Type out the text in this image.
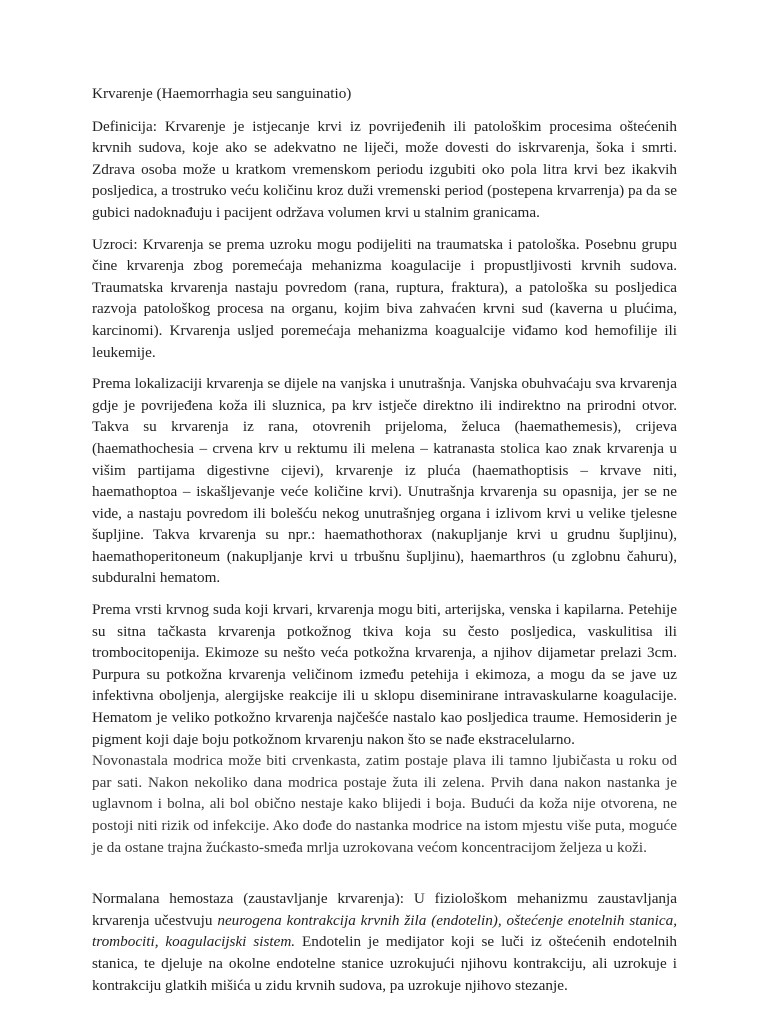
Krvarenje (Haemorrhagia seu sanguinatio)

Definicija: Krvarenje je istjecanje krvi iz povrijeđenih ili patološkim procesima oštećenih krvnih sudova, koje ako se adekvatno ne liječi, može dovesti do iskrvarenja, šoka i smrti. Zdrava osoba može u kratkom vremenskom periodu izgubiti oko pola litra krvi bez ikakvih posljedica, a trostruko veću količinu kroz duži vremenski period (postepena krvarrenja) pa da se gubici nadoknađuju i pacijent održava volumen krvi u stalnim granicama.

Uzroci: Krvarenja se prema uzroku mogu podijeliti na traumatska i patološka. Posebnu grupu čine krvarenja zbog poremećaja mehanizma koagulacije i propustljivosti krvnih sudova. Traumatska krvarenja nastaju povredom (rana, ruptura, fraktura), a patološka su posljedica razvoja patološkog procesa na organu, kojim biva zahvaćen krvni sud (kaverna u plućima, karcinomi). Krvarenja usljed poremećaja mehanizma koagualcije viđamo kod hemofilije ili leukemije.

Prema lokalizaciji krvarenja se dijele na vanjska i unutrašnja. Vanjska obuhvaćaju sva krvarenja gdje je povrijeđena koža ili sluznica, pa krv istječe direktno ili indirektno na prirodni otvor. Takva su krvarenja iz rana, otovrenih prijeloma, želuca (haemathemesis), crijeva (haemathochesia – crvena krv u rektumu ili melena – katranasta stolica kao znak krvarenja u višim partijama digestivne cijevi), krvarenje iz pluća (haemathoptisis – krvave niti, haemathoptoa – iskašljevanje veće količine krvi). Unutrašnja krvarenja su opasnija, jer se ne vide, a nastaju povredom ili bolešću nekog unutrašnjeg organa i izlivom krvi u velike tjelesne šupljine. Takva krvarenja su npr.: haemathothorax (nakupljanje krvi u grudnu šupljinu), haemathoperitoneum (nakupljanje krvi u trbušnu šupljinu), haemarthros (u zglobnu čahuru), subduralni hematom.

Prema vrsti krvnog suda koji krvari, krvarenja mogu biti, arterijska, venska i kapilarna. Petehije su sitna tačkasta krvarenja potkožnog tkiva koja su često posljedica, vaskulitisa ili trombocitopenija. Ekimoze su nešto veća potkožna krvarenja, a njihov dijametar prelazi 3cm. Purpura su potkožna krvarenja veličinom između petehija i ekimoza, a mogu da se jave uz infektivna oboljenja, alergijske reakcije ili u sklopu diseminirane intravaskularne koagulacije. Hematom je veliko potkožno krvarenja najčešće nastalo kao posljedica traume. Hemosiderin je pigment koji daje boju potkožnom krvarenju nakon što se nađe ekstracelularno.

Novonastala modrica može biti crvenkasta, zatim postaje plava ili tamno ljubičasta u roku od par sati. Nakon nekoliko dana modrica postaje žuta ili zelena. Prvih dana nakon nastanka je uglavnom i bolna, ali bol obično nestaje kako blijedi i boja. Budući da koža nije otvorena, ne postoji niti rizik od infekcije. Ako dođe do nastanka modrice na istom mjestu više puta, moguće je da ostane trajna žućkasto-smeđa mrlja uzrokovana većom koncentracijom željeza u koži.

Normalana hemostaza (zaustavljanje krvarenja): U fiziološkom mehanizmu zaustavljanja krvarenja učestvuju neurogena kontrakcija krvnih žila (endotelin), oštećenje enotelnih stanica, trombociti, koagulacijski sistem. Endotelin je medijator koji se luči iz oštećenih endotelnih stanica, te djeluje na okolne endotelne stanice uzrokujući njihovu kontrakciju, ali uzrokuje i kontrakciju glatkih mišića u zidu krvnih sudova, pa uzrokuje njihovo stezanje.
